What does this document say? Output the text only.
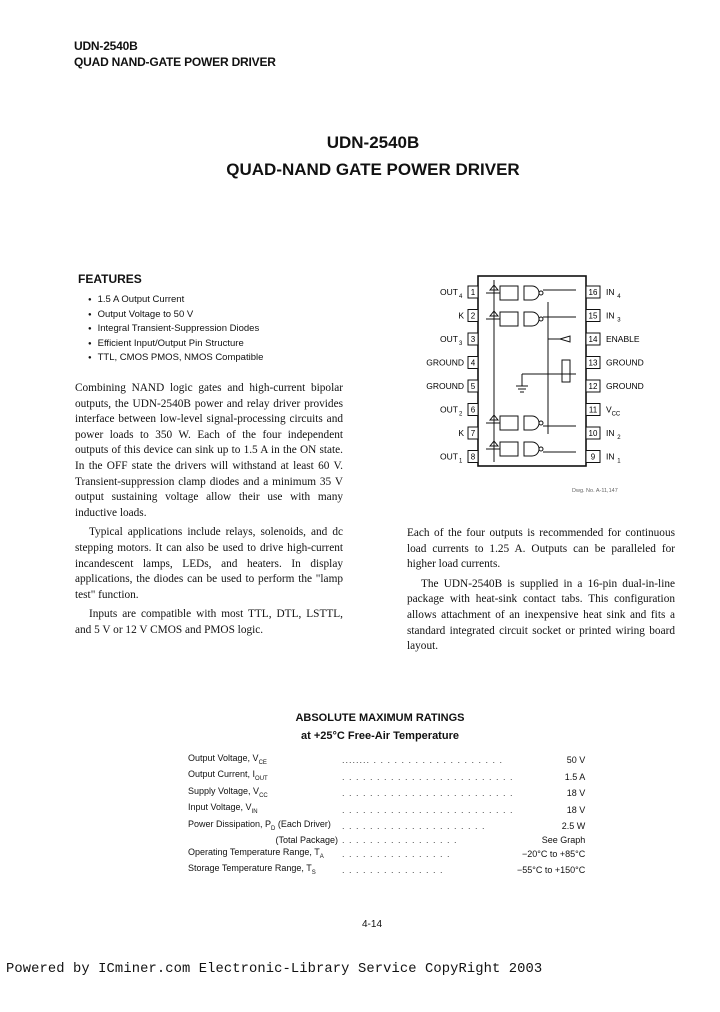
UDN-2540B
QUAD NAND-GATE POWER DRIVER
UDN-2540B
QUAD-NAND GATE POWER DRIVER
FEATURES
● 1.5 A Output Current
● Output Voltage to 50 V
● Integral Transient-Suppression Diodes
● Efficient Input/Output Pin Structure
● TTL, CMOS PMOS, NMOS Compatible

Combining NAND logic gates and high-current bipolar outputs, the UDN-2540B power and relay driver provides interface between low-level signal-processing circuits and power loads to 350 W. Each of the four independent outputs of this device can sink up to 1.5 A in the ON state. In the OFF state the drivers will withstand at least 60 V. Transient-suppression clamp diodes and a minimum 35 V output sustaining voltage allow their use with many inductive loads.

Typical applications include relays, solenoids, and dc stepping motors. It can also be used to drive high-current incandescent lamps, LEDs, and heaters. In display applications, the diodes can be used to perform the "lamp test" function.

Inputs are compatible with most TTL, DTL, LSTTL, and 5 V or 12 V CMOS and PMOS logic.

Each of the four outputs is recommended for continuous load currents to 1.25 A. Outputs can be paralleled for higher load currents.

The UDN-2540B is supplied in a 16-pin dual-in-line package with heat-sink contact tabs. This configuration allows attachment of an inexpensive heat sink and fits a standard integrated circuit socket or printed wiring board layout.

1
OUT 4
2
K
3
OUT 3
4
GROUND
5
GROUND
6
OUT 2
7
K
8
OUT 1
16 IN 4
15 IN 3
14 ENABLE
13 GROUND
12 GROUND
11 V CC
10 IN 2
9 IN 1
Dwg. No. A-11,147
ABSOLUTE MAXIMUM RATINGS
at +25°C Free-Air Temperature
Output Voltage, $V_{CE}$	........ . . . . . . . . . . . . . . . . . . .	50 V
Output Current, $I_{OUT}$	. . . . . . . . . . . . . . . . . . . . . . . . .	1.5 A
Supply Voltage, $V_{CC}$	. . . . . . . . . . . . . . . . . . . . . . . . .	18 V
Input Voltage, $V_{IN}$	. . . . . . . . . . . . . . . . . . . . . . . . .	18 V
Power Dissipation, $P_D$ (Each Driver)	. . . . . . . . . . . . . . . . . . . . .	2.5 W
(Total Package)	. . . . . . . . . . . . . . . . .	See Graph
Operating Temperature Range, $T_A$	. . . . . . . . . . . . . . . .	−20°C to +85°C
Storage Temperature Range, $T_S$	. . . . . . . . . . . . . . .	−55°C to +150°C
4-14
Powered by ICminer.com Electronic-Library Service CopyRight 2003
